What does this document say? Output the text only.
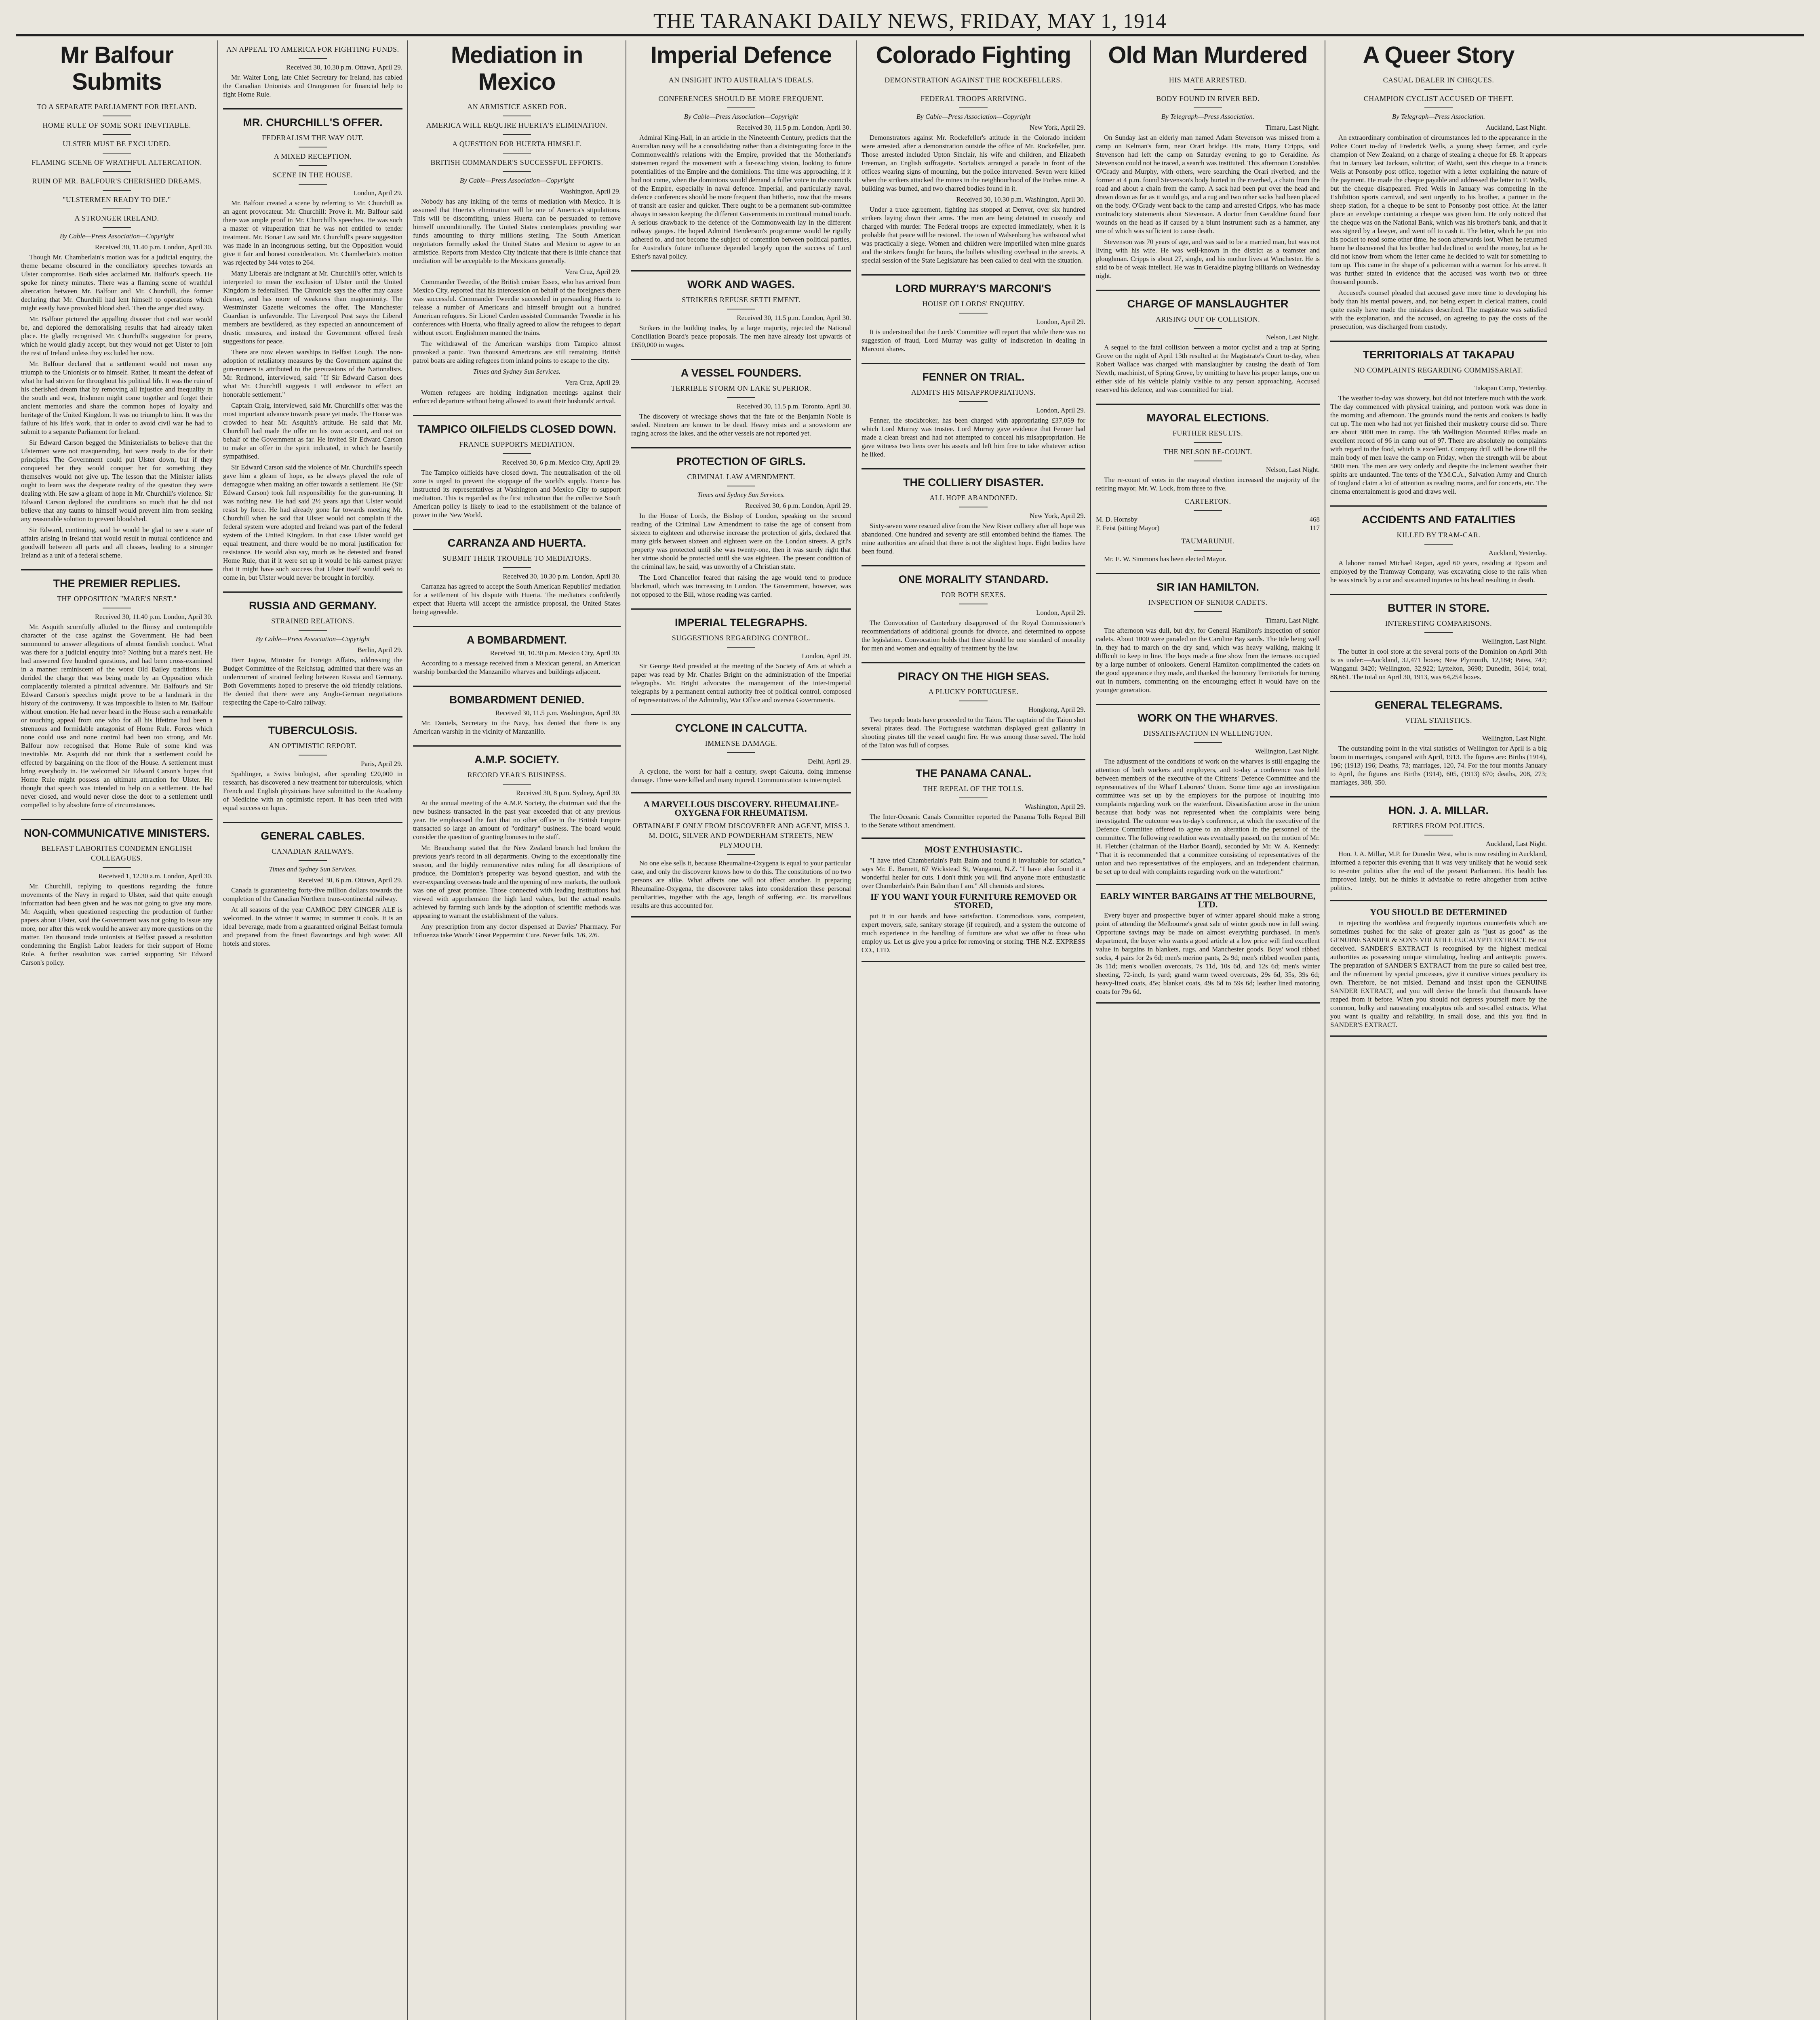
THE TARANAKI DAILY NEWS, FRIDAY, MAY 1, 1914
Mr Balfour Submits
TO A SEPARATE PARLIAMENT FOR IRELAND.
HOME RULE OF SOME SORT INEVITABLE.
ULSTER MUST BE EXCLUDED.
FLAMING SCENE OF WRATHFUL ALTERCATION.
RUIN OF MR. BALFOUR'S CHERISHED DREAMS.
"ULSTERMEN READY TO DIE."
A STRONGER IRELAND.
By Cable—Press Association—Copyright
Received 30, 11.40 p.m. London, April 30.

Though Mr. Chamberlain's motion was for a judicial enquiry, the theme became obscured in the conciliatory speeches towards an Ulster compromise. Both sides acclaimed Mr. Balfour's speech. He spoke for ninety minutes. There was a flaming scene of wrathful altercation between Mr. Balfour and Mr. Churchill, the former declaring that Mr. Churchill had lent himself to operations which might easily have provoked blood shed. Then the anger died away.

Mr. Balfour pictured the appalling disaster that civil war would be, and deplored the demoralising results that had already taken place. He gladly recognised Mr. Churchill's suggestion for peace, which he would gladly accept, but they would not get Ulster to join the rest of Ireland unless they excluded her now.

Mr. Balfour declared that a settlement would not mean any triumph to the Unionists or to himself. Rather, it meant the defeat of what he had striven for throughout his political life. It was the ruin of his cherished dream that by removing all injustice and inequality in the south and west, Irishmen might come together and forget their ancient memories and share the common hopes of loyalty and heritage of the United Kingdom. It was no triumph to him. It was the failure of his life's work, that in order to avoid civil war he had to submit to a separate Parliament for Ireland.

Sir Edward Carson begged the Ministerialists to believe that the Ulstermen were not masquerading, but were ready to die for their principles. The Government could put Ulster down, but if they conquered her they would conquer her for something they themselves would not give up. The lesson that the Minister ialists ought to learn was the desperate reality of the question they were dealing with. He saw a gleam of hope in Mr. Churchill's violence. Sir Edward Carson deplored the conditions so much that he did not believe that any taunts to himself would prevent him from seeking any reasonable solution to prevent bloodshed.

Sir Edward, continuing, said he would be glad to see a state of affairs arising in Ireland that would result in mutual confidence and goodwill between all parts and all classes, leading to a stronger Ireland as a unit of a federal scheme.

THE PREMIER REPLIES.
THE OPPOSITION "MARE'S NEST."
Received 30, 11.40 p.m. London, April 30.

Mr. Asquith scornfully alluded to the flimsy and contemptible character of the case against the Government. He had been summoned to answer allegations of almost fiendish conduct. What was there for a judicial enquiry into? Nothing but a mare's nest. He had answered five hundred questions, and had been cross-examined in a manner reminiscent of the worst Old Bailey traditions. He derided the charge that was being made by an Opposition which complacently tolerated a piratical adventure. Mr. Balfour's and Sir Edward Carson's speeches might prove to be a landmark in the history of the controversy. It was impossible to listen to Mr. Balfour without emotion. He had never heard in the House such a remarkable or touching appeal from one who for all his lifetime had been a strenuous and formidable antagonist of Home Rule. Forces which none could use and none control had been too strong, and Mr. Balfour now recognised that Home Rule of some kind was inevitable. Mr. Asquith did not think that a settlement could be effected by bargaining on the floor of the House. A settlement must bring everybody in. He welcomed Sir Edward Carson's hopes that Home Rule might possess an ultimate attraction for Ulster. He thought that speech was intended to help on a settlement. He had never closed, and would never close the door to a settlement until compelled to by absolute force of circumstances.

NON-COMMUNICATIVE MINISTERS.
BELFAST LABORITES CONDEMN ENGLISH COLLEAGUES.
Received 1, 12.30 a.m. London, April 30.

Mr. Churchill, replying to questions regarding the future movements of the Navy in regard to Ulster, said that quite enough information had been given and he was not going to give any more. Mr. Asquith, when questioned respecting the production of further papers about Ulster, said the Government was not going to issue any more, nor after this week would he answer any more questions on the matter. Ten thousand trade unionists at Belfast passed a resolution condemning the English Labor leaders for their support of Home Rule. A further resolution was carried supporting Sir Edward Carson's policy.

AN APPEAL TO AMERICA FOR FIGHTING FUNDS.
Received 30, 10.30 p.m. Ottawa, April 29.

Mr. Walter Long, late Chief Secretary for Ireland, has cabled the Canadian Unionists and Orangemen for financial help to fight Home Rule.

MR. CHURCHILL'S OFFER.
FEDERALISM THE WAY OUT.
A MIXED RECEPTION.
SCENE IN THE HOUSE.
London, April 29.

Mr. Balfour created a scene by referring to Mr. Churchill as an agent provocateur. Mr. Churchill: Prove it. Mr. Balfour said there was ample proof in Mr. Churchill's speeches. He was such a master of vituperation that he was not entitled to tender treatment. Mr. Bonar Law said Mr. Churchill's peace suggestion was made in an incongruous setting, but the Opposition would give it fair and honest consideration. Mr. Chamberlain's motion was rejected by 344 votes to 264.

Many Liberals are indignant at Mr. Churchill's offer, which is interpreted to mean the exclusion of Ulster until the United Kingdom is federalised. The Chronicle says the offer may cause dismay, and has more of weakness than magnanimity. The Westminster Gazette welcomes the offer. The Manchester Guardian is unfavorable. The Liverpool Post says the Liberal members are bewildered, as they expected an announcement of drastic measures, and instead the Government offered fresh suggestions for peace.

There are now eleven warships in Belfast Lough. The non-adoption of retaliatory measures by the Government against the gun-runners is attributed to the persuasions of the Nationalists. Mr. Redmond, interviewed, said: "If Sir Edward Carson does what Mr. Churchill suggests I will endeavor to effect an honorable settlement."

Captain Craig, interviewed, said Mr. Churchill's offer was the most important advance towards peace yet made. The House was crowded to hear Mr. Asquith's attitude. He said that Mr. Churchill had made the offer on his own account, and not on behalf of the Government as far. He invited Sir Edward Carson to make an offer in the spirit indicated, in which he heartily sympathised.

Sir Edward Carson said the violence of Mr. Churchill's speech gave him a gleam of hope, as he always played the role of demagogue when making an offer towards a settlement. He (Sir Edward Carson) took full responsibility for the gun-running. It was nothing new. He had said 2½ years ago that Ulster would resist by force. He had already gone far towards meeting Mr. Churchill when he said that Ulster would not complain if the federal system were adopted and Ireland was part of the federal system of the United Kingdom. In that case Ulster would get equal treatment, and there would be no moral justification for resistance. He would also say, much as he detested and feared Home Rule, that if it were set up it would be his earnest prayer that it might have such success that Ulster itself would seek to come in, but Ulster would never be brought in forcibly.

RUSSIA AND GERMANY.
STRAINED RELATIONS.
By Cable—Press Association—Copyright
Berlin, April 29.

Herr Jagow, Minister for Foreign Affairs, addressing the Budget Committee of the Reichstag, admitted that there was an undercurrent of strained feeling between Russia and Germany. Both Governments hoped to preserve the old friendly relations. He denied that there were any Anglo-German negotiations respecting the Cape-to-Cairo railway.

TUBERCULOSIS.
AN OPTIMISTIC REPORT.
Paris, April 29.

Spahlinger, a Swiss biologist, after spending £20,000 in research, has discovered a new treatment for tuberculosis, which French and English physicians have submitted to the Academy of Medicine with an optimistic report. It has been tried with equal success on lupus.

GENERAL CABLES.
CANADIAN RAILWAYS.
Times and Sydney Sun Services.
Received 30, 6 p.m. Ottawa, April 29.

Canada is guaranteeing forty-five million dollars towards the completion of the Canadian Northern trans-continental railway.

At all seasons of the year CAMROC DRY GINGER ALE is welcomed. In the winter it warms; in summer it cools. It is an ideal beverage, made from a guaranteed original Belfast formula and prepared from the finest flavourings and high water. All hotels and stores.

Mediation in Mexico
AN ARMISTICE ASKED FOR.
AMERICA WILL REQUIRE HUERTA'S ELIMINATION.
A QUESTION FOR HUERTA HIMSELF.
BRITISH COMMANDER'S SUCCESSFUL EFFORTS.
By Cable—Press Association—Copyright
Washington, April 29.

Nobody has any inkling of the terms of mediation with Mexico. It is assumed that Huerta's elimination will be one of America's stipulations. This will be discomfiting, unless Huerta can be persuaded to remove himself unconditionally. The United States contemplates providing war funds amounting to thirty millions sterling. The South American negotiators formally asked the United States and Mexico to agree to an armistice. Reports from Mexico City indicate that there is little chance that mediation will be acceptable to the Mexicans generally.

Vera Cruz, April 29.

Commander Tweedie, of the British cruiser Essex, who has arrived from Mexico City, reported that his intercession on behalf of the foreigners there was successful. Commander Tweedie succeeded in persuading Huerta to release a number of Americans and himself brought out a hundred American refugees. Sir Lionel Carden assisted Commander Tweedie in his conferences with Huerta, who finally agreed to allow the refugees to depart without escort. Englishmen manned the trains.

The withdrawal of the American warships from Tampico almost provoked a panic. Two thousand Americans are still remaining. British patrol boats are aiding refugees from inland points to escape to the city.

Times and Sydney Sun Services.
Vera Cruz, April 29.

Women refugees are holding indignation meetings against their enforced departure without being allowed to await their husbands' arrival.

TAMPICO OILFIELDS CLOSED DOWN.
FRANCE SUPPORTS MEDIATION.
Received 30, 6 p.m. Mexico City, April 29.

The Tampico oilfields have closed down. The neutralisation of the oil zone is urged to prevent the stoppage of the world's supply. France has instructed its representatives at Washington and Mexico City to support mediation. This is regarded as the first indication that the collective South American policy is likely to lead to the establishment of the balance of power in the New World.

CARRANZA AND HUERTA.
SUBMIT THEIR TROUBLE TO MEDIATORS.
Received 30, 10.30 p.m. London, April 30.

Carranza has agreed to accept the South American Republics' mediation for a settlement of his dispute with Huerta. The mediators confidently expect that Huerta will accept the armistice proposal, the United States being agreeable.

A BOMBARDMENT.
Received 30, 10.30 p.m. Mexico City, April 30.

According to a message received from a Mexican general, an American warship bombarded the Manzanillo wharves and buildings adjacent.

BOMBARDMENT DENIED.
Received 30, 11.5 p.m. Washington, April 30.

Mr. Daniels, Secretary to the Navy, has denied that there is any American warship in the vicinity of Manzanillo.

A.M.P. SOCIETY.
RECORD YEAR'S BUSINESS.
Received 30, 8 p.m. Sydney, April 30.

At the annual meeting of the A.M.P. Society, the chairman said that the new business transacted in the past year exceeded that of any previous year. He emphasised the fact that no other office in the British Empire transacted so large an amount of "ordinary" business. The board would consider the question of granting bonuses to the staff.

Mr. Beauchamp stated that the New Zealand branch had broken the previous year's record in all departments. Owing to the exceptionally fine season, and the highly remunerative rates ruling for all descriptions of produce, the Dominion's prosperity was beyond question, and with the ever-expanding overseas trade and the opening of new markets, the outlook was one of great promise. Those connected with leading institutions had viewed with apprehension the high land values, but the actual results achieved by farming such lands by the adoption of scientific methods was appearing to warrant the establishment of the values.

Any prescription from any doctor dispensed at Davies' Pharmacy. For Influenza take Woods' Great Peppermint Cure. Never fails. 1/6, 2/6.

Imperial Defence
AN INSIGHT INTO AUSTRALIA'S IDEALS.
CONFERENCES SHOULD BE MORE FREQUENT.
By Cable—Press Association—Copyright
Received 30, 11.5 p.m. London, April 30.

Admiral King-Hall, in an article in the Nineteenth Century, predicts that the Australian navy will be a consolidating rather than a disintegrating force in the Commonwealth's relations with the Empire, provided that the Motherland's statesmen regard the movement with a far-reaching vision, looking to future potentialities of the Empire and the dominions. The time was approaching, if it had not come, when the dominions would demand a fuller voice in the councils of the Empire, especially in naval defence. Imperial, and particularly naval, defence conferences should be more frequent than hitherto, now that the means of transit are easier and quicker. There ought to be a permanent sub-committee always in session keeping the different Governments in continual mutual touch. A serious drawback to the defence of the Commonwealth lay in the different railway gauges. He hoped Admiral Henderson's programme would be rigidly adhered to, and not become the subject of contention between political parties, for Australia's future influence depended largely upon the success of Lord Esher's naval policy.

WORK AND WAGES.
STRIKERS REFUSE SETTLEMENT.
Received 30, 11.5 p.m. London, April 30.

Strikers in the building trades, by a large majority, rejected the National Conciliation Board's peace proposals. The men have already lost upwards of £650,000 in wages.

A VESSEL FOUNDERS.
TERRIBLE STORM ON LAKE SUPERIOR.
Received 30, 11.5 p.m. Toronto, April 30.

The discovery of wreckage shows that the fate of the Benjamin Noble is sealed. Nineteen are known to be dead. Heavy mists and a snowstorm are raging across the lakes, and the other vessels are not reported yet.

PROTECTION OF GIRLS.
CRIMINAL LAW AMENDMENT.
Times and Sydney Sun Services.
Received 30, 6 p.m. London, April 29.

In the House of Lords, the Bishop of London, speaking on the second reading of the Criminal Law Amendment to raise the age of consent from sixteen to eighteen and otherwise increase the protection of girls, declared that many girls between sixteen and eighteen were on the London streets. A girl's property was protected until she was twenty-one, then it was surely right that her virtue should be protected until she was eighteen. The present condition of the criminal law, he said, was unworthy of a Christian state.

The Lord Chancellor feared that raising the age would tend to produce blackmail, which was increasing in London. The Government, however, was not opposed to the Bill, whose reading was carried.

IMPERIAL TELEGRAPHS.
SUGGESTIONS REGARDING CONTROL.
London, April 29.

Sir George Reid presided at the meeting of the Society of Arts at which a paper was read by Mr. Charles Bright on the administration of the Imperial telegraphs. Mr. Bright advocates the management of the inter-Imperial telegraphs by a permanent central authority free of political control, composed of representatives of the Admiralty, War Office and oversea Governments.

CYCLONE IN CALCUTTA.
IMMENSE DAMAGE.
Delhi, April 29.

A cyclone, the worst for half a century, swept Calcutta, doing immense damage. Three were killed and many injured. Communication is interrupted.

A MARVELLOUS DISCOVERY. RHEUMALINE-OXYGENA FOR RHEUMATISM.
OBTAINABLE ONLY FROM DISCOVERER AND AGENT, MISS J. M. DOIG, SILVER AND POWDERHAM STREETS, NEW PLYMOUTH.

No one else sells it, because Rheumaline-Oxygena is equal to your particular case, and only the discoverer knows how to do this. The constitutions of no two persons are alike. What affects one will not affect another. In preparing Rheumaline-Oxygena, the discoverer takes into consideration these personal peculiarities, together with the age, length of suffering, etc. Its marvellous results are thus accounted for.

Colorado Fighting
DEMONSTRATION AGAINST THE ROCKEFELLERS.
FEDERAL TROOPS ARRIVING.
By Cable—Press Association—Copyright
New York, April 29.

Demonstrators against Mr. Rockefeller's attitude in the Colorado incident were arrested, after a demonstration outside the office of Mr. Rockefeller, junr. Those arrested included Upton Sinclair, his wife and children, and Elizabeth Freeman, an English suffragette. Socialists arranged a parade in front of the offices wearing signs of mourning, but the police intervened. Seven were killed when the strikers attacked the mines in the neighbourhood of the Forbes mine. A building was burned, and two charred bodies found in it.

Received 30, 10.30 p.m. Washington, April 30.

Under a truce agreement, fighting has stopped at Denver, over six hundred strikers laying down their arms. The men are being detained in custody and charged with murder. The Federal troops are expected immediately, when it is probable that peace will be restored. The town of Walsenburg has withstood what was practically a siege. Women and children were imperilled when mine guards and the strikers fought for hours, the bullets whistling overhead in the streets. A special session of the State Legislature has been called to deal with the situation.

LORD MURRAY'S MARCONI'S
HOUSE OF LORDS' ENQUIRY.
London, April 29.

It is understood that the Lords' Committee will report that while there was no suggestion of fraud, Lord Murray was guilty of indiscretion in dealing in Marconi shares.

FENNER ON TRIAL.
ADMITS HIS MISAPPROPRIATIONS.
London, April 29.

Fenner, the stockbroker, has been charged with appropriating £37,059 for which Lord Murray was trustee. Lord Murray gave evidence that Fenner had made a clean breast and had not attempted to conceal his misappropriation. He gave witness two liens over his assets and left him free to take whatever action he liked.

THE COLLIERY DISASTER.
ALL HOPE ABANDONED.
New York, April 29.

Sixty-seven were rescued alive from the New River colliery after all hope was abandoned. One hundred and seventy are still entombed behind the flames. The mine authorities are afraid that there is not the slightest hope. Eight bodies have been found.

ONE MORALITY STANDARD.
FOR BOTH SEXES.
London, April 29.

The Convocation of Canterbury disapproved of the Royal Commissioner's recommendations of additional grounds for divorce, and determined to oppose the legislation. Convocation holds that there should be one standard of morality for men and women and equality of treatment by the law.

PIRACY ON THE HIGH SEAS.
A PLUCKY PORTUGUESE.
Hongkong, April 29.

Two torpedo boats have proceeded to the Taion. The captain of the Taion shot several pirates dead. The Portuguese watchman displayed great gallantry in shooting pirates till the vessel caught fire. He was among those saved. The hold of the Taion was full of corpses.

THE PANAMA CANAL.
THE REPEAL OF THE TOLLS.
Washington, April 29.

The Inter-Oceanic Canals Committee reported the Panama Tolls Repeal Bill to the Senate without amendment.

MOST ENTHUSIASTIC.

"I have tried Chamberlain's Pain Balm and found it invaluable for sciatica," says Mr. E. Barnett, 67 Wickstead St, Wanganui, N.Z. "I have also found it a wonderful healer for cuts. I don't think you will find anyone more enthusiastic over Chamberlain's Pain Balm than I am." All chemists and stores.

IF YOU WANT YOUR FURNITURE REMOVED OR STORED,

put it in our hands and have satisfaction. Commodious vans, competent, expert movers, safe, sanitary storage (if required), and a system the outcome of much experience in the handling of furniture are what we offer to those who employ us. Let us give you a price for removing or storing. THE N.Z. EXPRESS CO., LTD.

Old Man Murdered
HIS MATE ARRESTED.
BODY FOUND IN RIVER BED.
By Telegraph—Press Association.
Timaru, Last Night.

On Sunday last an elderly man named Adam Stevenson was missed from a camp on Kelman's farm, near Orari bridge. His mate, Harry Cripps, said Stevenson had left the camp on Saturday evening to go to Geraldine. As Stevenson could not be traced, a search was instituted. This afternoon Constables O'Grady and Murphy, with others, were searching the Orari riverbed, and the former at 4 p.m. found Stevenson's body buried in the riverbed, a chain from the road and about a chain from the camp. A sack had been put over the head and drawn down as far as it would go, and a rug and two other sacks had been placed on the body. O'Grady went back to the camp and arrested Cripps, who has made contradictory statements about Stevenson. A doctor from Geraldine found four wounds on the head as if caused by a blunt instrument such as a hammer, any one of which was sufficient to cause death.

Stevenson was 70 years of age, and was said to be a married man, but was not living with his wife. He was well-known in the district as a teamster and ploughman. Cripps is about 27, single, and his mother lives at Winchester. He is said to be of weak intellect. He was in Geraldine playing billiards on Wednesday night.

CHARGE OF MANSLAUGHTER
ARISING OUT OF COLLISION.
Nelson, Last Night.

A sequel to the fatal collision between a motor cyclist and a trap at Spring Grove on the night of April 13th resulted at the Magistrate's Court to-day, when Robert Wallace was charged with manslaughter by causing the death of Tom Newth, machinist, of Spring Grove, by omitting to have his proper lamps, one on either side of his vehicle plainly visible to any person approaching. Accused reserved his defence, and was committed for trial.

MAYORAL ELECTIONS.
FURTHER RESULTS.
THE NELSON RE-COUNT.
Nelson, Last Night.

The re-count of votes in the mayoral election increased the majority of the retiring mayor, Mr. W. Lock, from three to five.

CARTERTON.
M. D. Hornsby	468
F. Feist (sitting Mayor)	117
TAUMARUNUI.

Mr. E. W. Simmons has been elected Mayor.

SIR IAN HAMILTON.
INSPECTION OF SENIOR CADETS.
Timaru, Last Night.

The afternoon was dull, but dry, for General Hamilton's inspection of senior cadets. About 1000 were paraded on the Caroline Bay sands. The tide being well in, they had to march on the dry sand, which was heavy walking, making it difficult to keep in line. The boys made a fine show from the terraces occupied by a large number of onlookers. General Hamilton complimented the cadets on the good appearance they made, and thanked the honorary Territorials for turning out in numbers, commenting on the encouraging effect it would have on the younger generation.

WORK ON THE WHARVES.
DISSATISFACTION IN WELLINGTON.
Wellington, Last Night.

The adjustment of the conditions of work on the wharves is still engaging the attention of both workers and employers, and to-day a conference was held between members of the executive of the Citizens' Defence Committee and the representatives of the Wharf Laborers' Union. Some time ago an investigation committee was set up by the employers for the purpose of inquiring into complaints regarding work on the waterfront. Dissatisfaction arose in the union because that body was not represented when the complaints were being investigated. The outcome was to-day's conference, at which the executive of the Defence Committee offered to agree to an alteration in the personnel of the committee. The following resolution was eventually passed, on the motion of Mr. H. Fletcher (chairman of the Harbor Board), seconded by Mr. W. A. Kennedy: "That it is recommended that a committee consisting of representatives of the union and two representatives of the employers, and an independent chairman, be set up to deal with complaints regarding work on the waterfront."

EARLY WINTER BARGAINS AT THE MELBOURNE, LTD.

Every buyer and prospective buyer of winter apparel should make a strong point of attending the Melbourne's great sale of winter goods now in full swing. Opportune savings may be made on almost everything purchased. In men's department, the buyer who wants a good article at a low price will find excellent value in bargains in blankets, rugs, and Manchester goods. Boys' wool ribbed socks, 4 pairs for 2s 6d; men's merino pants, 2s 9d; men's ribbed woollen pants, 3s 11d; men's woollen overcoats, 7s 11d, 10s 6d, and 12s 6d; men's winter sheeting, 72-inch, 1s yard; grand warm tweed overcoats, 29s 6d, 35s, 39s 6d; heavy-lined coats, 45s; blanket coats, 49s 6d to 59s 6d; leather lined motoring coats for 79s 6d.

A Queer Story
CASUAL DEALER IN CHEQUES.
CHAMPION CYCLIST ACCUSED OF THEFT.
By Telegraph—Press Association.
Auckland, Last Night.

An extraordinary combination of circumstances led to the appearance in the Police Court to-day of Frederick Wells, a young sheep farmer, and cycle champion of New Zealand, on a charge of stealing a cheque for £8. It appears that in January last Jackson, solicitor, of Waihi, sent this cheque to a Francis Wells at Ponsonby post office, together with a letter explaining the nature of the payment. He made the cheque payable and addressed the letter to F. Wells, but the cheque disappeared. Fred Wells in January was competing in the Exhibition sports carnival, and sent urgently to his brother, a partner in the sheep station, for a cheque to be sent to Ponsonby post office. At the latter place an envelope containing a cheque was given him. He only noticed that the cheque was on the National Bank, which was his brother's bank, and that it was signed by a lawyer, and went off to cash it. The letter, which he put into his pocket to read some other time, he soon afterwards lost. When he returned home he discovered that his brother had declined to send the money, but as he did not know from whom the letter came he decided to wait for something to turn up. This came in the shape of a policeman with a warrant for his arrest. It was further stated in evidence that the accused was worth two or three thousand pounds.

Accused's counsel pleaded that accused gave more time to developing his body than his mental powers, and, not being expert in clerical matters, could quite easily have made the mistakes described. The magistrate was satisfied with the explanation, and the accused, on agreeing to pay the costs of the prosecution, was discharged from custody.

TERRITORIALS AT TAKAPAU
NO COMPLAINTS REGARDING COMMISSARIAT.
Takapau Camp, Yesterday.

The weather to-day was showery, but did not interfere much with the work. The day commenced with physical training, and pontoon work was done in the morning and afternoon. The grounds round the tents and cookers is badly cut up. The men who had not yet finished their musketry course did so. There are about 3000 men in camp. The 9th Wellington Mounted Rifles made an excellent record of 96 in camp out of 97. There are absolutely no complaints with regard to the food, which is excellent. Company drill will be done till the main body of men leave the camp on Friday, when the strength will be about 5000 men. The men are very orderly and despite the inclement weather their spirits are undaunted. The tents of the Y.M.C.A., Salvation Army and Church of England claim a lot of attention as reading rooms, and for concerts, etc. The cinema entertainment is good and draws well.

ACCIDENTS AND FATALITIES
KILLED BY TRAM-CAR.
Auckland, Yesterday.

A laborer named Michael Regan, aged 60 years, residing at Epsom and employed by the Tramway Company, was excavating close to the rails when he was struck by a car and sustained injuries to his head resulting in death.

BUTTER IN STORE.
INTERESTING COMPARISONS.
Wellington, Last Night.

The butter in cool store at the several ports of the Dominion on April 30th is as under:—Auckland, 32,471 boxes; New Plymouth, 12,184; Patea, 747; Wanganui 3420; Wellington, 32,922; Lyttelton, 3698; Dunedin, 3614; total, 88,661. The total on April 30, 1913, was 64,254 boxes.

GENERAL TELEGRAMS.
VITAL STATISTICS.
Wellington, Last Night.

The outstanding point in the vital statistics of Wellington for April is a big boom in marriages, compared with April, 1913. The figures are: Births (1914), 196; (1913) 196; Deaths, 73; marriages, 120, 74. For the four months January to April, the figures are: Births (1914), 605, (1913) 670; deaths, 208, 273; marriages, 388, 350.

HON. J. A. MILLAR.
RETIRES FROM POLITICS.
Auckland, Last Night.

Hon. J. A. Millar, M.P. for Dunedin West, who is now residing in Auckland, informed a reporter this evening that it was very unlikely that he would seek to re-enter politics after the end of the present Parliament. His health has improved lately, but he thinks it advisable to retire altogether from active politics.

YOU SHOULD BE DETERMINED

in rejecting the worthless and frequently injurious counterfeits which are sometimes pushed for the sake of greater gain as "just as good" as the GENUINE SANDER & SON'S VOLATILE EUCALYPTI EXTRACT. Be not deceived. SANDER'S EXTRACT is recognised by the highest medical authorities as possessing unique stimulating, healing and antiseptic powers. The preparation of SANDER'S EXTRACT from the pure so called best tree, and the refinement by special processes, give it curative virtues peculiary its own. Therefore, be not misled. Demand and insist upon the GENUINE SANDER EXTRACT, and you will derive the benefit that thousands have reaped from it before. When you should not depress yourself more by the common, bulky and nauseating eucalyptus oils and so-called extracts. What you want is quality and reliability, in small dose, and this you find in SANDER'S EXTRACT.
